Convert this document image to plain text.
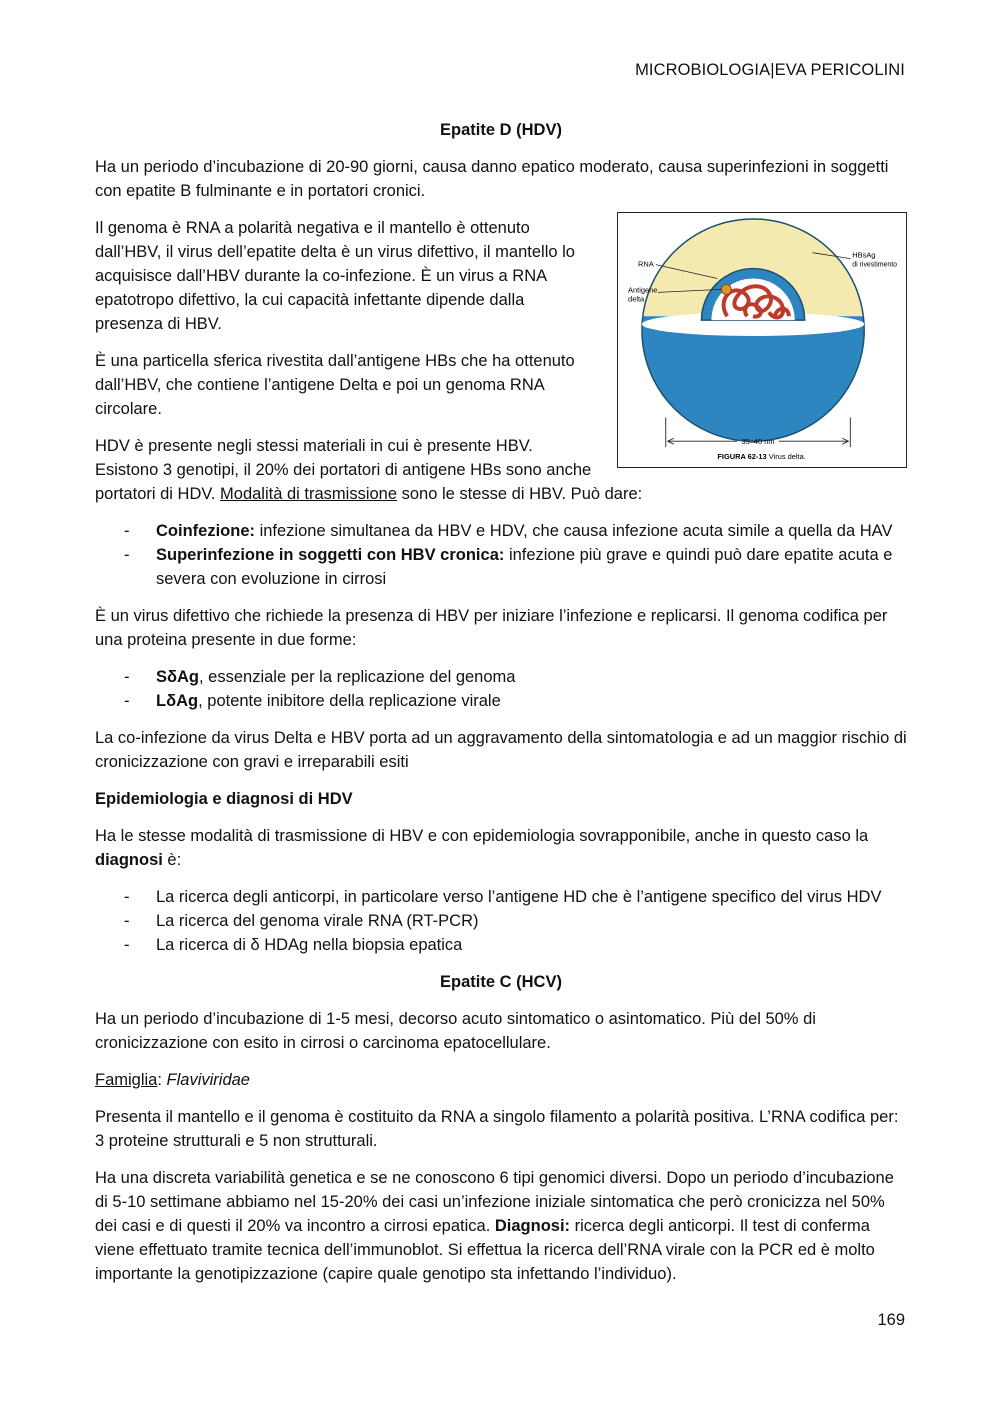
MICROBIOLOGIA|EVA PERICOLINI

Epatite D (HDV)

Ha un periodo d’incubazione di 20-90 giorni, causa danno epatico moderato, causa superinfezioni in soggetti con epatite B fulminante e in portatori cronici.

RNA
Antigene
delta
HBsAg
di rivestimento
35–40 nm
FIGURA 62-13 Virus delta.

Il genoma è RNA a polarità negativa e il mantello è ottenuto dall’HBV, il virus dell’epatite delta è un virus difettivo, il mantello lo acquisisce dall’HBV durante la co-infezione. È un virus a RNA epatotropo difettivo, la cui capacità infettante dipende dalla presenza di HBV.

È una particella sferica rivestita dall’antigene HBs che ha ottenuto dall’HBV, che contiene l’antigene Delta e poi un genoma RNA circolare.

HDV è presente negli stessi materiali in cui è presente HBV. Esistono 3 genotipi, il 20% dei portatori di antigene HBs sono anche portatori di HDV. Modalità di trasmissione sono le stesse di HBV. Può dare:

- Coinfezione: infezione simultanea da HBV e HDV, che causa infezione acuta simile a quella da HAV
- Superinfezione in soggetti con HBV cronica: infezione più grave e quindi può dare epatite acuta e severa con evoluzione in cirrosi

È un virus difettivo che richiede la presenza di HBV per iniziare l’infezione e replicarsi. Il genoma codifica per una proteina presente in due forme:

- SδAg, essenziale per la replicazione del genoma
- LδAg, potente inibitore della replicazione virale

La co-infezione da virus Delta e HBV porta ad un aggravamento della sintomatologia e ad un maggior rischio di cronicizzazione con gravi e irreparabili esiti

Epidemiologia e diagnosi di HDV

Ha le stesse modalità di trasmissione di HBV e con epidemiologia sovrapponibile, anche in questo caso la diagnosi è:

- La ricerca degli anticorpi, in particolare verso l’antigene HD che è l’antigene specifico del virus HDV
- La ricerca del genoma virale RNA (RT-PCR)
- La ricerca di δ HDAg nella biopsia epatica

Epatite C (HCV)

Ha un periodo d’incubazione di 1-5 mesi, decorso acuto sintomatico o asintomatico. Più del 50% di cronicizzazione con esito in cirrosi o carcinoma epatocellulare.

Famiglia: Flaviviridae

Presenta il mantello e il genoma è costituito da RNA a singolo filamento a polarità positiva. L’RNA codifica per: 3 proteine strutturali e 5 non strutturali.

Ha una discreta variabilità genetica e se ne conoscono 6 tipi genomici diversi. Dopo un periodo d’incubazione di 5-10 settimane abbiamo nel 15-20% dei casi un’infezione iniziale sintomatica che però cronicizza nel 50% dei casi e di questi il 20% va incontro a cirrosi epatica. Diagnosi: ricerca degli anticorpi. Il test di conferma viene effettuato tramite tecnica dell’immunoblot. Si effettua la ricerca dell’RNA virale con la PCR ed è molto importante la genotipizzazione (capire quale genotipo sta infettando l’individuo).

169
